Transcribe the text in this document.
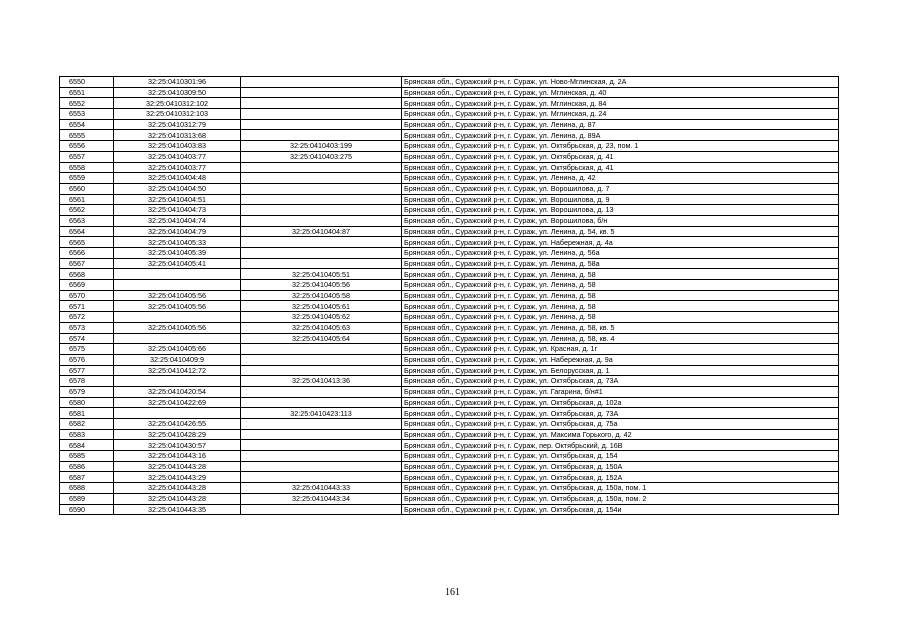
6550	32:25:0410301:96		Брянская обл., Суражский р-н, г. Сураж, ул. Ново-Мглинская, д. 2А
6551	32:25:0410309:50		Брянская обл., Суражский р-н, г. Сураж, ул. Мглинская, д. 40
6552	32:25:0410312:102		Брянская обл., Суражский р-н, г. Сураж, ул. Мглинская, д. 84
6553	32:25:0410312:103		Брянская обл., Суражский р-н, г. Сураж, ул. Мглинская, д. 24
6554	32:25:0410312:79		Брянская обл., Суражский р-н, г. Сураж, ул. Ленина, д. 87
6555	32:25:0410313:68		Брянская обл., Суражский р-н, г. Сураж, ул. Ленина, д. 89А
6556	32:25:0410403:83	32:25:0410403:199	Брянская обл., Суражский р-н, г. Сураж, ул. Октябрьская, д. 23, пом. 1
6557	32:25:0410403:77	32:25:0410403:275	Брянская обл., Суражский р-н, г. Сураж, ул. Октябрьская, д. 41
6558	32:25:0410403:77		Брянская обл., Суражский р-н, г. Сураж, ул. Октябрьская, д. 41
6559	32:25:0410404:48		Брянская обл., Суражский р-н, г. Сураж, ул. Ленина, д. 42
6560	32:25:0410404:50		Брянская обл., Суражский р-н, г. Сураж, ул. Ворошилова, д. 7
6561	32:25:0410404:51		Брянская обл., Суражский р-н, г. Сураж, ул. Ворошилова, д. 9
6562	32:25:0410404:73		Брянская обл., Суражский р-н, г. Сураж, ул. Ворошилова, д. 13
6563	32:25:0410404:74		Брянская обл., Суражский р-н, г. Сураж, ул. Ворошилова, б/н
6564	32:25:0410404:79	32:25:0410404:87	Брянская обл., Суражский р-н, г. Сураж, ул. Ленина, д. 54, кв. 5
6565	32:25:0410405:33		Брянская обл., Суражский р-н, г. Сураж, ул. Набережная, д. 4а
6566	32:25:0410405:39		Брянская обл., Суражский р-н, г. Сураж, ул. Ленина, д. 56а
6567	32:25:0410405:41		Брянская обл., Суражский р-н, г. Сураж, ул. Ленина, д. 58а
6568		32:25:0410405:51	Брянская обл., Суражский р-н, г. Сураж, ул. Ленина, д. 58
6569		32:25:0410405:56	Брянская обл., Суражский р-н, г. Сураж, ул. Ленина, д. 58
6570	32:25:0410405:56	32:25:0410405:58	Брянская обл., Суражский р-н, г. Сураж, ул. Ленина, д. 58
6571	32:25:0410405:56	32:25:0410405:61	Брянская обл., Суражский р-н, г. Сураж, ул. Ленина, д. 58
6572		32:25:0410405:62	Брянская обл., Суражский р-н, г. Сураж, ул. Ленина, д. 58
6573	32:25:0410405:56	32:25:0410405:63	Брянская обл., Суражский р-н, г. Сураж, ул. Ленина, д. 58, кв. 5
6574		32:25:0410405:64	Брянская обл., Суражский р-н, г. Сураж, ул. Ленина, д. 58, кв. 4
6575	32:25:0410405:66		Брянская обл., Суражский р-н, г. Сураж, ул. Красная, д. 1г
6576	32:25:0410409:9		Брянская обл., Суражский р-н, г. Сураж, ул. Набережная, д. 9а
6577	32:25:0410412:72		Брянская обл., Суражский р-н, г. Сураж, ул. Белорусская, д. 1
6578		32:25:0410413:36	Брянская обл., Суражский р-н, г. Сураж, ул. Октябрьская, д. 73А
6579	32:25:0410420:54		Брянская обл., Суражский р-н, г. Сураж, ул. Гагарина, б/н#1
6580	32:25:0410422:69		Брянская обл., Суражский р-н, г. Сураж, ул. Октябрьская, д. 102а
6581		32:25:0410423:113	Брянская обл., Суражский р-н, г. Сураж, ул. Октябрьская, д. 73А
6582	32:25:0410426:55		Брянская обл., Суражский р-н, г. Сураж, ул. Октябрьская, д. 75а
6583	32:25:0410428:29		Брянская обл., Суражский р-н, г. Сураж, ул. Максима Горького, д. 42
6584	32:25:0410430:57		Брянская обл., Суражский р-н, г. Сураж, пер. Октябрьский, д. 16В
6585	32:25:0410443:16		Брянская обл., Суражский р-н, г. Сураж, ул. Октябрьская, д. 154
6586	32:25:0410443:28		Брянская обл., Суражский р-н, г. Сураж, ул. Октябрьская, д. 150А
6587	32:25:0410443:29		Брянская обл., Суражский р-н, г. Сураж, ул. Октябрьская, д. 152А
6588	32:25:0410443:28	32:25:0410443:33	Брянская обл., Суражский р-н, г. Сураж, ул. Октябрьская, д. 150а, пом. 1
6589	32:25:0410443:28	32:25:0410443:34	Брянская обл., Суражский р-н, г. Сураж, ул. Октябрьская, д. 150а, пом. 2
6590	32:25:0410443:35		Брянская обл., Суражский р-н, г. Сураж, ул. Октябрьская, д. 154и
161
